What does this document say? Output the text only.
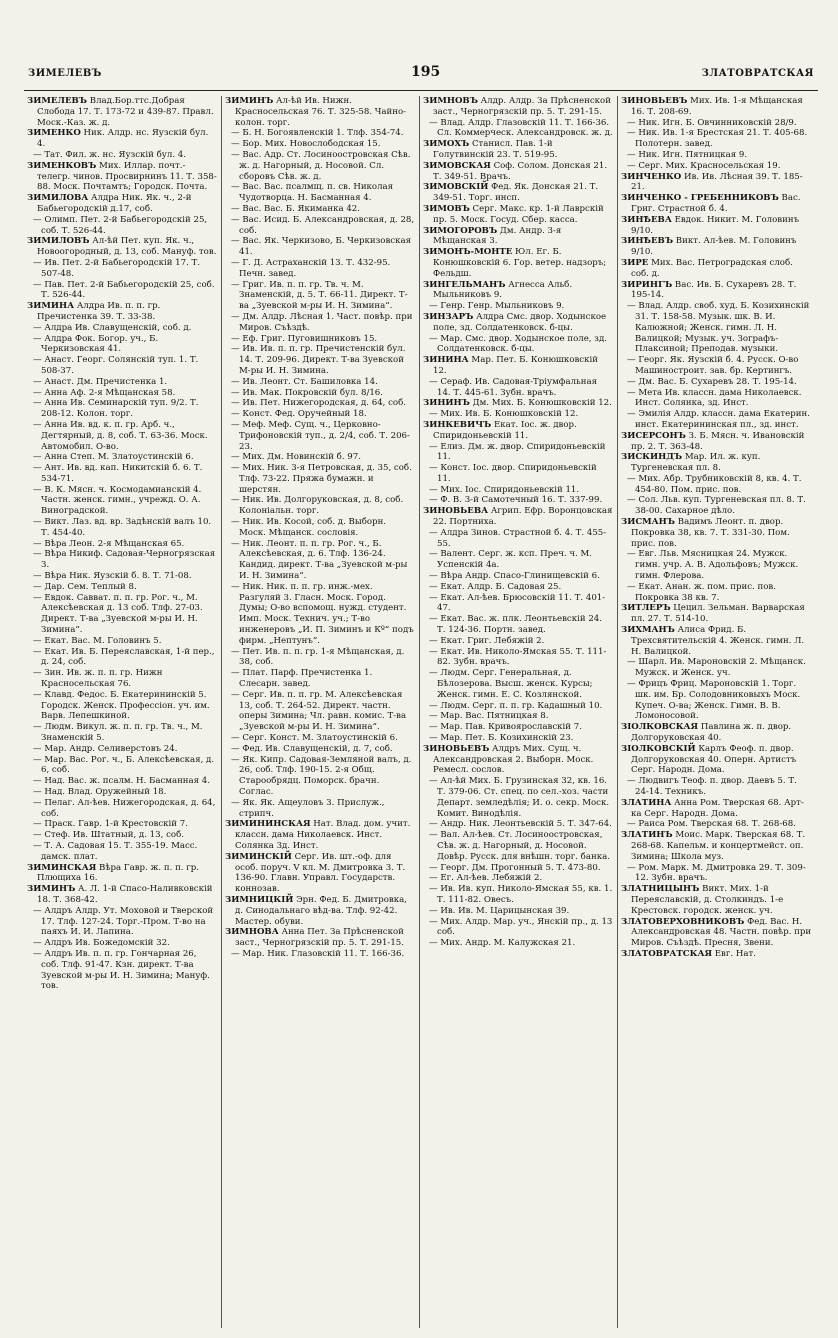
ЗИМЕЛЕВЪ	195	ЗЛАТОВРАТСКАЯ

ЗИМЕЛЕВЪ Влад.Бор.ттс.Добрая Слобода 17. Т. 173-72 и 439-87. Правл. Моск.-Каз. ж. д.

ЗИМЕНКО Ник. Алдр. нс. Яузскій бул. 4.

— Тат. Фил. ж. нс. Яузскій бул. 4.

ЗИМЕНКОВЪ Мих. Иллар. почт.-телегр. чинов. Просвирнинъ 11. Т. 358-88. Моск. Почтамтъ; Городск. Почта.

ЗИМИЛОВА Алдра Ник. Як. ч., 2-й Бабьегородскій д.17, соб.

— Олимп. Пет. 2-й Бабьегородскій 25, соб. Т. 526-44.

ЗИМИЛОВЪ Ал-ѣй Пет. куп. Як. ч., Новоогородный, д. 13, соб. Мануф. тов.

— Ив. Пет. 2-й Бабьегородскій 17. Т. 507-48.

— Пав. Пет. 2-й Бабьегородскій 25, соб. Т. 526-44.

ЗИМИНА Алдра Ив. п. п. гр. Пречистенка 39. Т. 33-38.

— Алдра Ив. Славущенскій, соб. д.

— Алдра Фок. Богор. уч., Б. Черкизовская 41.

— Анаст. Георг. Солянскій туп. 1. Т. 508-37.

— Анаст. Дм. Пречистенка 1.

— Анна Аф. 2-я Мѣщанская 58.

— Анна Ив. Семинарскій туп. 9/2. Т. 208-12. Колон. торг.

— Анна Ив. вд. к. п. гр. Арб. ч., Дегтярный, д. 8, соб. Т. 63-36. Моск. Автомобил. О-во.

— Анна Степ. М. Златоустинскій 6.

— Ант. Ив. вд. кап. Никитскій б. 6. Т. 534-71.

— В. К. Мясн. ч. Космодамианскій 4. Частн. женск. гимн., учрежд. О. А. Виноградской.

— Викт. Лаз. вд. вр. Задѣнскій валъ 10. Т. 454-40.

— Вѣра Леон. 2-я Мѣщанская 65.

— Вѣра Никиф. Садовая-Черногрязская 3.

— Вѣра Ник. Яузскій б. 8. Т. 71-08.

— Дар. Сем. Теплый 8.

— Евдок. Савват. п. п. гр. Рог. ч., М. Алексѣевская д. 13 соб. Тлф. 27-03. Директ. Т-ва „Зуевской м-ры И. Н. Зимина“.

— Екат. Вас. М. Головинъ 5.

— Екат. Ив. Б. Переяславская, 1-й пер., д. 24, соб.

— Зин. Ив. ж. п. п. гр. Нижн Красносельская 76.

— Клавд. Федос. Б. Екатерининскій 5. Городск. Женск. Профессіон. уч. им. Варв. Лепешкиной.

— Людм. Викул. ж. п. п. гр. Тв. ч., М. Знаменскій 5.

— Мар. Андр. Селиверстовъ 24.

— Мар. Вас. Рог. ч., Б. Алексѣевская, д. 6, соб.

— Над. Вас. ж. псалм. Н. Басманная 4.

— Над. Влад. Оружейный 18.

— Пелаг. Ал-ѣев. Нижегородская, д. 64, соб.

— Праск. Гавр. 1-й Крестовскій 7.

— Стеф. Ив. Штатный, д. 13, соб.

— Т. А. Садовая 15. Т. 355-19. Масс. дамск. плат.

ЗИМИНСКАЯ Вѣра Гавр. ж. п. п. гр. Плющиха 16.

ЗИМИНЪ А. Л. 1-й Спасо-Наливковскій 18. Т. 368-42.

— Алдръ Алдр. Ут. Моховой и Тверской 17. Тлф. 127-24. Торг.-Пром. Т-во на паяхъ И. И. Лапина.

— Алдръ Ив. Божедомскій 32.

— Алдръ Ив. п. п. гр. Гончарная 26, соб. Тлф. 91-47. Кзн. директ. Т-ва Зуевской м-ры И. Н. Зимина; Мануф. тов.

ЗИМИНЪ Ал-ѣй Ив. Нижн. Красносельская 76. Т. 325-58. Чайно-колон. торг.

— Б. Н. Богоявленскій 1. Тлф. 354-74.

— Бор. Мих. Новослободская 15.

— Вас. Адр. Ст. Лосиноостровская Сѣв. ж. д. Нагорный, д. Носовой. Сл. сборовъ Сѣв. ж. д.

— Вас. Вас. псалмщ. п. св. Николая Чудотворца. Н. Басманная 4.

— Вас. Вас. Б. Якиманка 42.

— Вас. Исид. Б. Александровская, д. 28, соб.

— Вас. Як. Черкизово, Б. Черкизовская 41.

— Г. Д. Астраханскій 13. Т. 432-95. Печн. завед.

— Григ. Ив. п. п. гр. Тв. ч. М. Знаменскій, д. 5. Т. 66-11. Директ. Т-ва „Зуевской м-ры И. Н. Зимина“.

— Дм. Алдр. Лѣсная 1. Част. повѣр. при Миров. Съѣздѣ.

— Еф. Григ. Пуговишниковъ 15.

— Ив. Ив. п. п. гр. Пречистенскій бул. 14. Т. 209-96. Директ. Т-ва Зуевской М-ры И. Н. Зимина.

— Ив. Леонт. Ст. Башиловка 14.

— Ив. Мак. Покровскій бул. 8/16.

— Ив. Пет. Нижегородская, д. 64, соб.

— Конст. Фед. Оручейный 18.

— Меф. Меф. Сущ. ч., Церковно-Трифоновскій туп., д. 2/4, соб. Т. 206-23.

— Мих. Дм. Новинскій б. 97.

— Мих. Ник. 3-я Петровская, д. 35, соб. Тлф. 73-22. Пряжа бумажн. и шерстян.

— Ник. Ив. Долгоруковская, д. 8, соб. Колоніальн. торг.

— Ник. Ив. Косой, соб. д. Выборн. Моск. Мѣщанск. сословія.

— Ник. Леонт. п. п. гр. Рог. ч., Б. Алексѣевская, д. 6. Тлф. 136-24. Кандид. директ. Т-ва „Зуевской м-ры И. Н. Зимина“.

— Ник. Ник. п. п. гр. инж.-мех. Разгуляй 3. Гласн. Моск. Город. Думы; О-во вспомощ. нужд. студент. Имп. Моск. Технич. уч.; Т-во инженеровъ „И. П. Зиминъ и Кº“ подъ фирм. „Нептунъ“.

— Пет. Ив. п. п. гр. 1-я Мѣщанская, д. 38, соб.

— Плат. Парф. Пречистенка 1. Слесарн. завед.

— Серг. Ив. п. п. гр. М. Алексѣевская 13, соб. Т. 264-52. Директ. частн. оперы Зимина; Чл. равн. комис. Т-ва „Зуевской м-ры И. Н. Зимина“.

— Серг. Конст. М. Златоустинскій 6.

— Фед. Ив. Славущенскій, д. 7, соб.

— Як. Кипр. Садовая-Земляной валъ, д. 26, соб. Тлф. 190-15. 2-я Общ. Старообрядц. Поморск. брачн. Соглас.

— Як. Як. Ащеуловъ 3. Прислуж., стрипч.

ЗИМИНИНСКАЯ Нат. Влад. дом. учит. классн. дама Николаевск. Инст. Солянка 3д. Инст.

ЗИМИНСКІЙ Серг. Ив. шт.-оф. для особ. поруч. V кл. М. Дмитровка 3. Т. 136-90. Главн. Управл. Государств. коннозав.

ЗИМНИЦКІЙ Эрн. Фед. Б. Дмитровка, д. Синодальнаго вѣд-ва. Тлф. 92-42. Мастер. обуви.

ЗИМНОВА Анна Пет. За Прѣсненской заст., Черногрязскій пр. 5. Т. 291-15.

— Мар. Ник. Глазовскій 11. Т. 166-36.

ЗИМНОВЪ Алдр. Алдр. За Прѣсненской заст., Черногрязскій пр. 5. Т. 291-15.

— Влад. Алдр. Глазовскій 11. Т. 166-36. Сл. Коммерческ. Александровск. ж. д.

ЗИМОХЪ Станисл. Пав. 1-й Голутвинскій 23. Т. 519-95.

ЗИМОВСКАЯ Соф. Солом. Донская 21. Т. 349-51. Врачъ.

ЗИМОВСКІЙ Фед. Як. Донская 21. Т. 349-51. Торг. инсп.

ЗИМОВЪ Серг. Макс. кр. 1-й Лаврскій пр. 5. Моск. Госуд. Сбер. касса.

ЗИМОГОРОВЪ Дм. Андр. 3-я Мѣщанская 3.

ЗИМОНЪ-МОНТЕ Юл. Ег. Б. Конюшковскій 6. Гор. ветер. надзоръ; Фельдш.

ЗИНГЕЛЬМАНЪ Агнесса Альб. Мыльниковъ 9.

— Генр. Генр. Мыльниковъ 9.

ЗИНЗАРЪ Алдра Смс. двор. Ходынское поле, зд. Солдатенковск. б-цы.

— Мар. Смс. двор. Ходынское поле, зд. Солдатенковск. б-цы.

ЗИНИНА Мар. Пет. Б. Конюшковскій 12.

— Сераф. Ив. Садовая-Тріумфальная 14. Т. 445-61. Зубн. врачъ.

ЗИНИНЪ Дм. Мих. Б. Конюшковскій 12.

— Мих. Ив. Б. Конюшковскій 12.

ЗИНКЕВИЧЪ Екат. Іос. ж. двор. Спиридоньевскій 11.

— Елиз. Дм. ж. двор. Спиридоньевскій 11.

— Конст. Іос. двор. Спиридоньевскій 11.

— Мих. Іос. Спиридоньевскій 11.

— Ф. В. 3-й Самотечный 16. Т. 337-99.

ЗИНОВЬЕВА Агрип. Ефр. Воронцовская 22. Портниха.

— Алдра Зинов. Страстной б. 4. Т. 455-55.

— Валент. Серг. ж. ксп. Преч. ч. М. Успенскій 4а.

— Вѣра Андр. Спасо-Глинищевскій 6.

— Екат. Алдр. Б. Садовая 25.

— Екат. Ал-ѣев. Брюсовскій 11. Т. 401-47.

— Екат. Вас. ж. плк. Леонтьевскій 24. Т. 124-36. Портн. завед.

— Екат. Григ. Лебяжій 2.

— Екат. Ив. Николо-Ямская 55. Т. 111-82. Зубн. врачъ.

— Людм. Серг. Генеральная, д. Бѣлозерова. Высш. женск. Курсы; Женск. гимн. Е. С. Козлянской.

— Людм. Серг. п. п. гр. Кадашный 10.

— Мар. Вас. Пятницкая 8.

— Мар. Пав. Кривоярославскій 7.

— Мар. Пет. Б. Козихинскій 23.

ЗИНОВЬЕВЪ Алдръ Мих. Сущ. ч. Александровская 2. Выборн. Моск. Ремесл. сослов.

— Ал-ѣй Мих. Б. Грузинская 32, кв. 16. Т. 379-06. Ст. спец. по сел.-хоз. части Департ. земледѣлія; И. о. секр. Моск. Комит. Винодѣлія.

— Андр. Ник. Леонтьевскій 5. Т. 347-64.

— Вал. Ал-ѣев. Ст. Лосиноостровская, Сѣв. ж. д. Нагорный, д. Носовой. Довѣр. Русск. для внѣшн. торг. банка.

— Георг. Дм. Прогонный 5. Т. 473-80.

— Ег. Ал-ѣев. Лебяжій 2.

— Ив. Ив. куп. Николо-Ямская 55, кв. 1. Т. 111-82. Овесъ.

— Ив. Ив. М. Царицынская 39.

— Мих. Алдр. Мар. уч., Янскій пр., д. 13 соб.

— Мих. Андр. М. Калужская 21.

ЗИНОВЬЕВЪ Мих. Ив. 1-я Мѣщанская 16. Т. 208-69.

— Ник. Игн. Б. Овчинниковскій 28/9.

— Ник. Ив. 1-я Брестская 21. Т. 405-68. Полотерн. завед.

— Ник. Игн. Пятницкая 9.

— Серг. Мих. Красносельская 19.

ЗИНЧЕНКО Ив. Ив. Лѣсная 39. Т. 185-21.

ЗИНЧЕНКО - ГРЕБЕННИКОВЪ Вас. Григ. Страстной б. 4.

ЗИНѢЕВА Евдок. Никит. М. Головинъ 9/10.

ЗИНѢЕВЪ Викт. Ал-ѣев. М. Головинъ 9/10.

ЗИРЕ Мих. Вас. Петроградская слоб. соб. д.

ЗИРИНГЪ Вас. Ив. Б. Сухаревъ 28. Т. 195-14.

— Влад. Алдр. своб. худ. Б. Козихинскій 31. Т. 158-58. Музык. шк. В. И. Калюжной; Женск. гимн. Л. Н. Валицкой; Музык. уч. Зографъ-Плаксиной; Преподав. музыки.

— Георг. Як. Яузскій б. 4. Русск. О-во Машиностроит. зав. бр. Кертингъ.

— Дм. Вас. Б. Сухаревъ 28. Т. 195-14.

— Мета Ив. классн. дама Николаевск. Инст. Солянка, зд. Инст.

— Эмилія Алдр. классн. дама Екатерин. инст. Екатерининская пл., зд. инст.

ЗИСЕРСОНЪ З. Б. Мясн. ч. Ивановскій пр. 2. Т. 363-48.

ЗИСКИНДЪ Мар. Ил. ж. куп. Тургеневская пл. 8.

— Мих. Абр. Трубниковскій 8, кв. 4. Т. 454-80. Пом. прис. пов.

— Сол. Льв. куп. Тургеневская пл. 8. Т. 38-00. Сахарное дѣло.

ЗИСМАНЪ Вадимъ Леонт. п. двор. Покровка 38, кв. 7. Т. 331-30. Пом. прис. пов.

— Евг. Льв. Мясницкая 24. Мужск. гимн. учр. А. В. Адольфовъ; Мужск. гимн. Флерова.

— Екат. Анан. ж. пом. прис. пов. Покровка 38 кв. 7.

ЗИТЛЕРЪ Цецил. Зельман. Варварская пл. 27. Т. 514-10.

ЗИХМАНЪ Алиса Фрид. Б. Трехсвятительскій 4. Женск. гимн. Л. Н. Валицкой.

— Шарл. Ив. Мароновскій 2. Мѣщанск. Мужск. и Женск. уч.

— Фрицъ Фриц. Мароновскій 1. Торг. шк. им. Бр. Солодовниковыхъ Моск. Купеч. О-ва; Женск. Гимн. В. В. Ломоносовой.

ЗІОЛКОВСКАЯ Павлина ж. п. двор. Долгоруковская 40.

ЗІОЛКОВСКІЙ Карлъ Феоф. п. двор. Долгоруковская 40. Оперн. Артистъ Серг. Народн. Дома.

— Людвигъ Теоф. п. двор. Даевъ 5. Т. 24-14. Техникъ.

ЗЛАТИНА Анна Ром. Тверская 68. Арт-ка Серг. Народн. Дома.

— Раиса Ром. Тверская 68. Т. 268-68.

ЗЛАТИНЪ Моис. Марк. Тверская 68. Т. 268-68. Капельм. и концертмейст. оп. Зимина; Школа муз.

— Ром. Марк. М. Дмитровка 29. Т. 309-12. Зубн. врачъ.

ЗЛАТНИЦЫНЪ Викт. Мих. 1-й Переяславскій, д. Столкиндъ. 1-е Крестовск. городск. женск. уч.

ЗЛАТОВЕРХОВНИКОВЪ Фед. Вас. Н. Александровская 48. Частн. повѣр. при Миров. Съѣздѣ. Пресня, Звени.

ЗЛАТОВРАТСКАЯ Евг. Нат.
